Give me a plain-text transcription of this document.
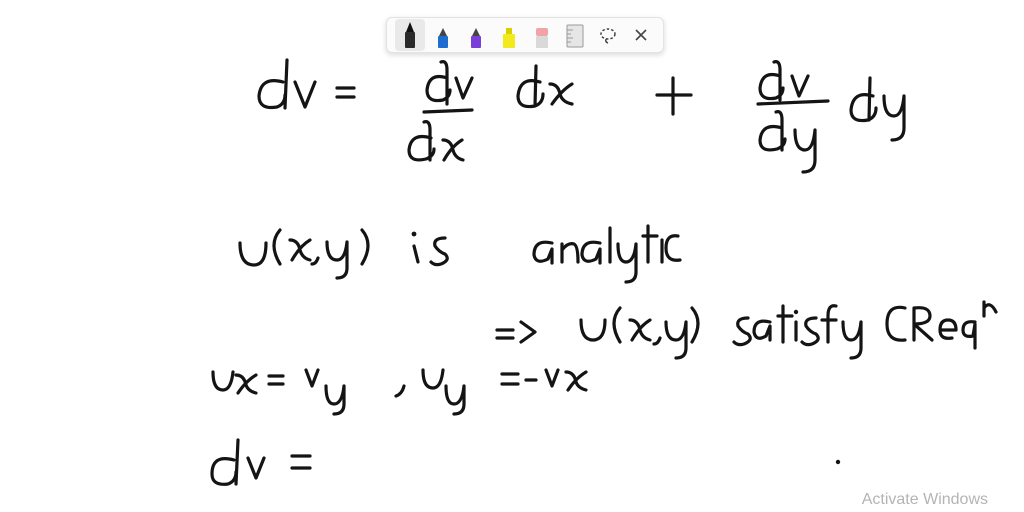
Activate Windows
